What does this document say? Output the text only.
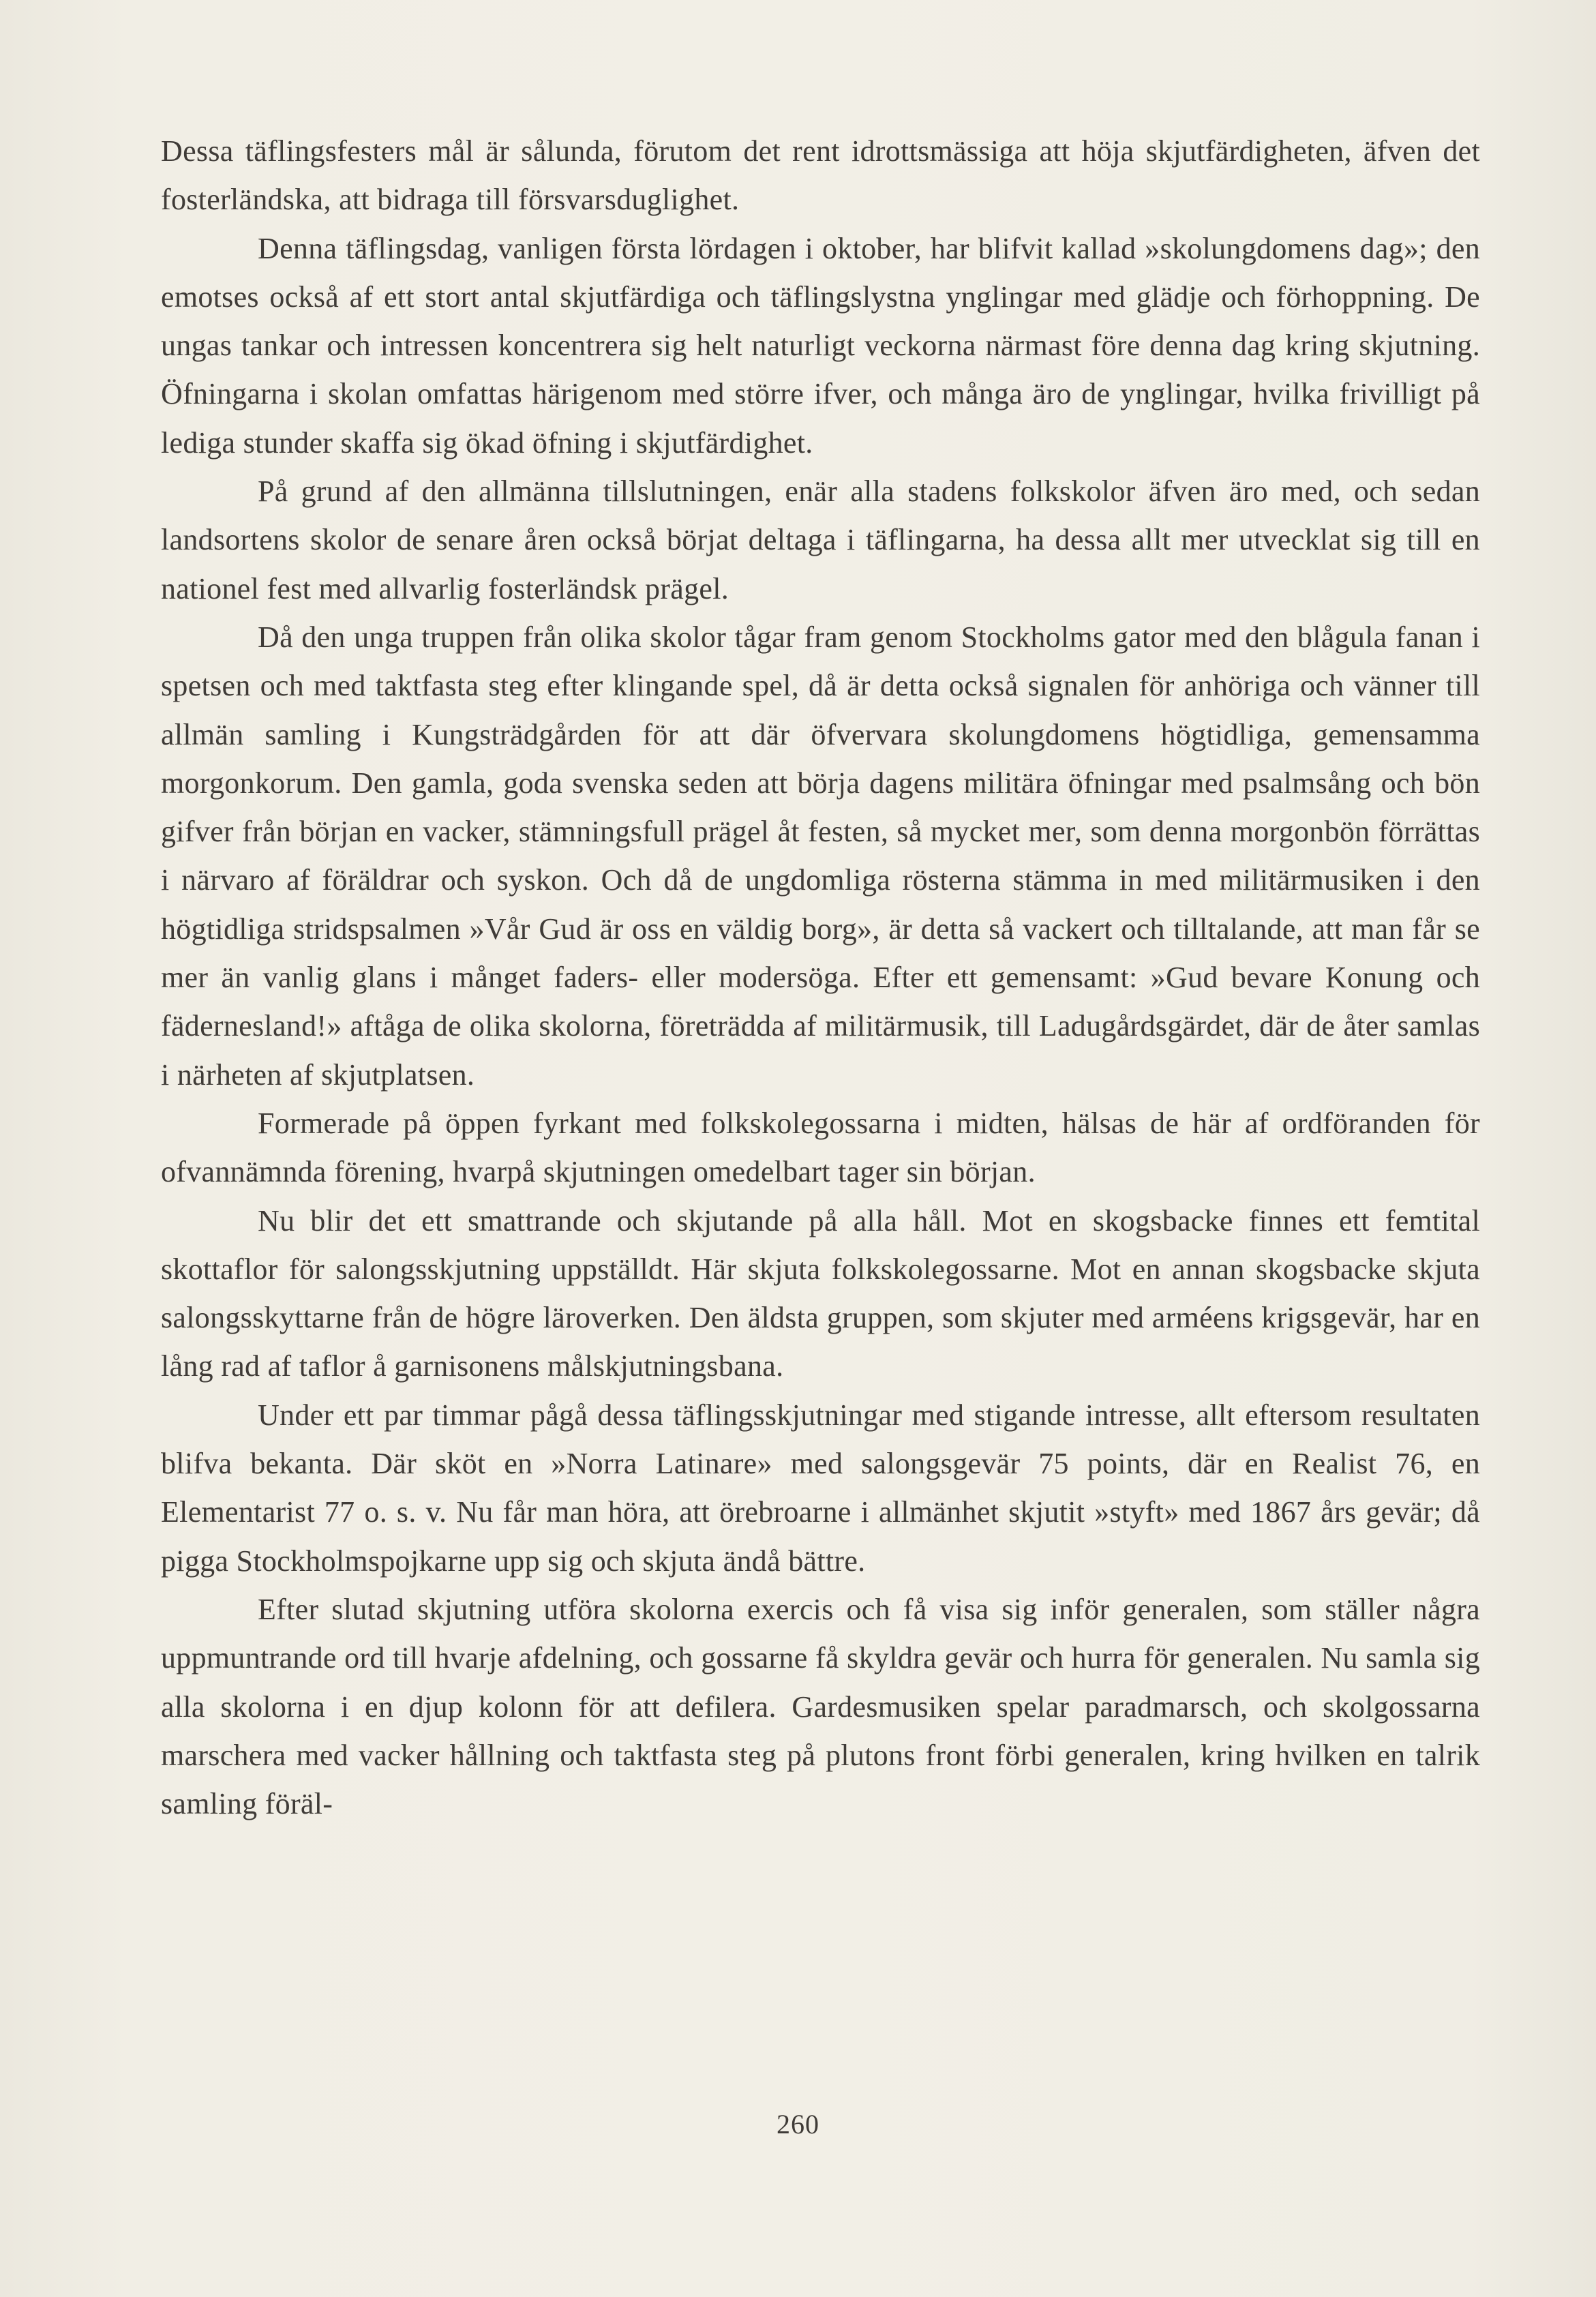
Dessa täflingsfesters mål är sålunda, förutom det rent idrottsmässiga att höja skjutfärdigheten, äfven det fosterländska, att bidraga till försvarsduglighet.

Denna täflingsdag, vanligen första lördagen i oktober, har blifvit kallad »skolungdomens dag»; den emotses också af ett stort antal skjutfärdiga och täflingslystna ynglingar med glädje och förhoppning. De ungas tankar och intressen koncentrera sig helt naturligt veckorna närmast före denna dag kring skjutning. Öfningarna i skolan omfattas härigenom med större ifver, och många äro de ynglingar, hvilka frivilligt på lediga stunder skaffa sig ökad öfning i skjutfärdighet.

På grund af den allmänna tillslutningen, enär alla stadens folkskolor äfven äro med, och sedan landsortens skolor de senare åren också börjat deltaga i täflingarna, ha dessa allt mer utvecklat sig till en nationel fest med allvarlig fosterländsk prägel.

Då den unga truppen från olika skolor tågar fram genom Stockholms gator med den blågula fanan i spetsen och med taktfasta steg efter klingande spel, då är detta också signalen för anhöriga och vänner till allmän samling i Kungsträdgården för att där öfvervara skolungdomens högtidliga, gemensamma morgonkorum. Den gamla, goda svenska seden att börja dagens militära öfningar med psalmsång och bön gifver från början en vacker, stämningsfull prägel åt festen, så mycket mer, som denna morgonbön förrättas i närvaro af föräldrar och syskon. Och då de ungdomliga rösterna stämma in med militärmusiken i den högtidliga stridspsalmen »Vår Gud är oss en väldig borg», är detta så vackert och tilltalande, att man får se mer än vanlig glans i månget faders- eller modersöga. Efter ett gemensamt: »Gud bevare Konung och fädernesland!» aftåga de olika skolorna, företrädda af militärmusik, till Ladugårdsgärdet, där de åter samlas i närheten af skjutplatsen.

Formerade på öppen fyrkant med folkskolegossarna i midten, hälsas de här af ordföranden för ofvannämnda förening, hvarpå skjutningen omedelbart tager sin början.

Nu blir det ett smattrande och skjutande på alla håll. Mot en skogsbacke finnes ett femtital skottaflor för salongsskjutning uppställdt. Här skjuta folkskolegossarne. Mot en annan skogsbacke skjuta salongsskyttarne från de högre läroverken. Den äldsta gruppen, som skjuter med arméens krigsgevär, har en lång rad af taflor å garnisonens målskjutningsbana.

Under ett par timmar pågå dessa täflingsskjutningar med stigande intresse, allt eftersom resultaten blifva bekanta. Där sköt en »Norra Latinare» med salongsgevär 75 points, där en Realist 76, en Elementarist 77 o. s. v. Nu får man höra, att örebroarne i allmänhet skjutit »styft» med 1867 års gevär; då pigga Stockholmspojkarne upp sig och skjuta ändå bättre.

Efter slutad skjutning utföra skolorna exercis och få visa sig inför generalen, som ställer några uppmuntrande ord till hvarje afdelning, och gossarne få skyldra gevär och hurra för generalen. Nu samla sig alla skolorna i en djup kolonn för att defilera. Gardesmusiken spelar paradmarsch, och skolgossarna marschera med vacker hållning och taktfasta steg på plutons front förbi generalen, kring hvilken en talrik samling föräl-

260
